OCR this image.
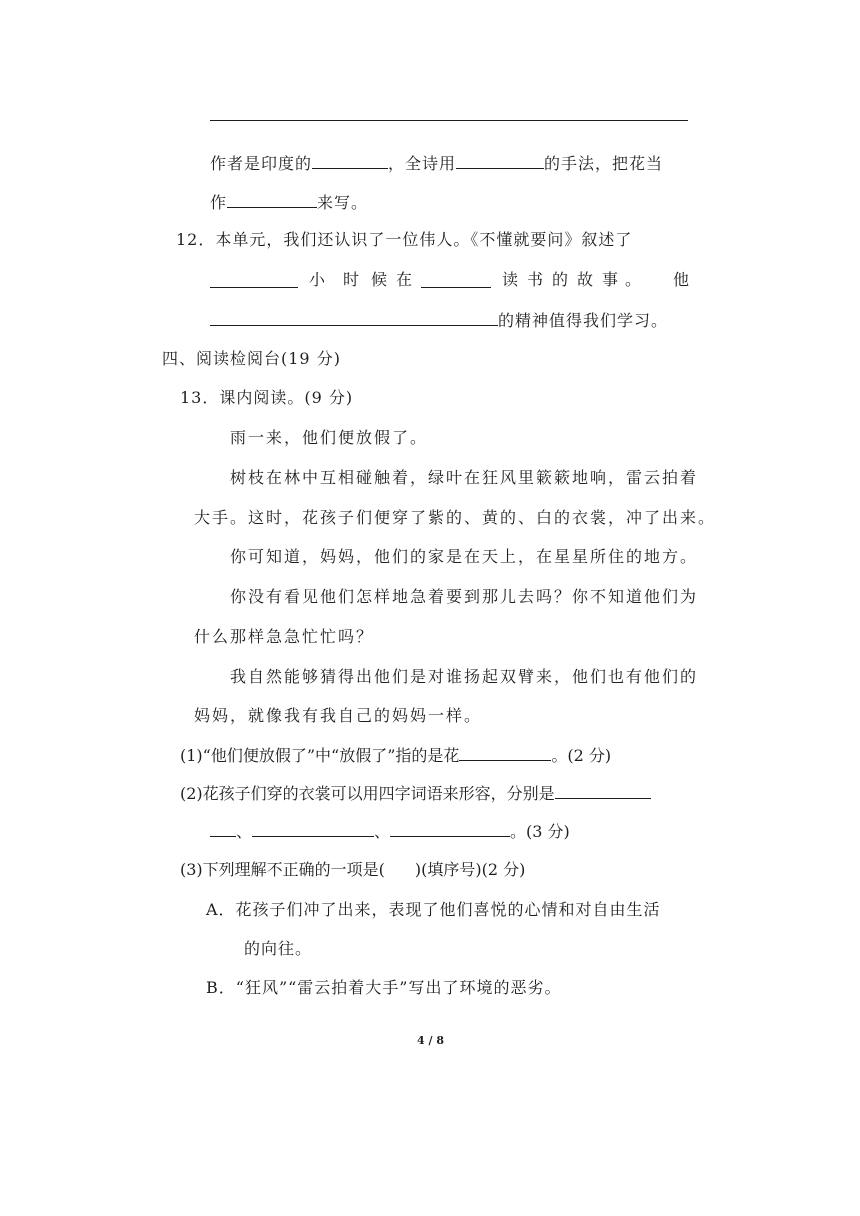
作者是印度的	，全诗用	的手法，把花当
作	来写。
12．本单元，我们还认识了一位伟人。《不懂就要问》叙述了
小 时 候 在	读 书 的 故 事 。 他
的精神值得我们学习。
四、阅读检阅台(19 分)
13．课内阅读。(9 分)
雨一来，他们便放假了。
树枝在林中互相碰触着，绿叶在狂风里簌簌地响，雷云拍着
大手。这时，花孩子们便穿了紫的、黄的、白的衣裳，冲了出来。
你可知道，妈妈，他们的家是在天上，在星星所住的地方。
你没有看见他们怎样地急着要到那儿去吗？你不知道他们为
什么那样急急忙忙吗？
我自然能够猜得出他们是对谁扬起双臂来，他们也有他们的
妈妈，就像我有我自己的妈妈一样。
(1)“他们便放假了”中“放假了”指的是花	。(2 分)
(2)花孩子们穿的衣裳可以用四字词语来形容，分别是
、	、	。(3 分)
(3)下列理解不正确的一项是( )(填序号)(2 分)
A．花孩子们冲了出来，表现了他们喜悦的心情和对自由生活
的向往。
B．“狂风”“雷云拍着大手”写出了环境的恶劣。
4 / 8
